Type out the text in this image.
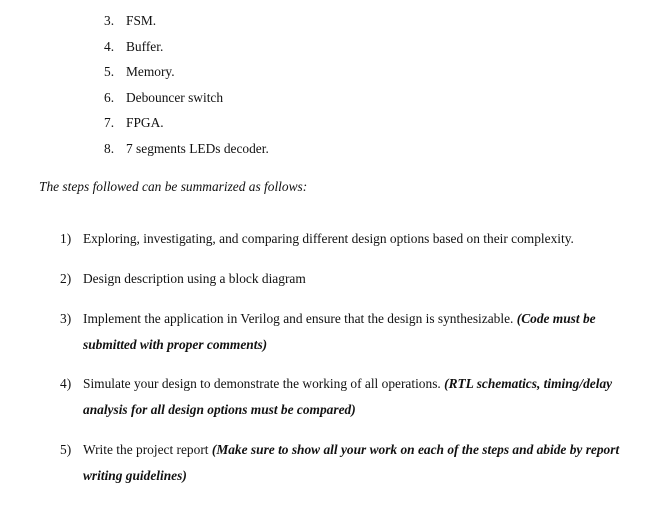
3. FSM.
4. Buffer.
5. Memory.
6. Debouncer switch
7. FPGA.
8. 7 segments LEDs decoder.
The steps followed can be summarized as follows:
1) Exploring, investigating, and comparing different design options based on their complexity.
2) Design description using a block diagram
3) Implement the application in Verilog and ensure that the design is synthesizable. (Code must be submitted with proper comments)
4) Simulate your design to demonstrate the working of all operations. (RTL schematics, timing/delay analysis for all design options must be compared)
5) Write the project report (Make sure to show all your work on each of the steps and abide by report writing guidelines)
